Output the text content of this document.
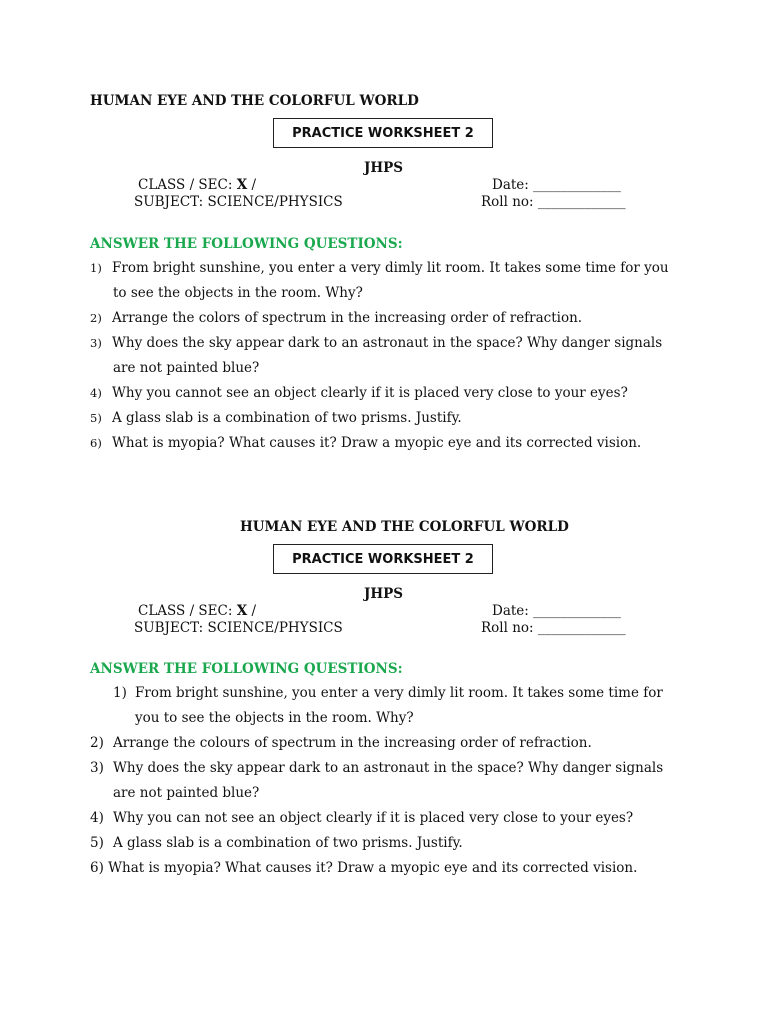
HUMAN EYE AND THE COLORFUL WORLD
PRACTICE WORKSHEET 2
JHPS
CLASS / SEC: X /
SUBJECT: SCIENCE/PHYSICS
Date: _____________
Roll no: _____________
ANSWER THE FOLLOWING QUESTIONS:
1) From bright sunshine, you enter a very dimly lit room. It takes some time for you
to see the objects in the room. Why?
2) Arrange the colors of spectrum in the increasing order of refraction.
3) Why does the sky appear dark to an astronaut in the space? Why danger signals
are not painted blue?
4) Why you cannot see an object clearly if it is placed very close to your eyes?
5) A glass slab is a combination of two prisms. Justify.
6) What is myopia? What causes it? Draw a myopic eye and its corrected vision.
HUMAN EYE AND THE COLORFUL WORLD
PRACTICE WORKSHEET 2
JHPS
CLASS / SEC: X /
SUBJECT: SCIENCE/PHYSICS
Date: _____________
Roll no: _____________
ANSWER THE FOLLOWING QUESTIONS:
1) From bright sunshine, you enter a very dimly lit room. It takes some time for
you to see the objects in the room. Why?
2) Arrange the colours of spectrum in the increasing order of refraction.
3) Why does the sky appear dark to an astronaut in the space? Why danger signals
are not painted blue?
4) Why you can not see an object clearly if it is placed very close to your eyes?
5) A glass slab is a combination of two prisms. Justify.
6) What is myopia? What causes it? Draw a myopic eye and its corrected vision.
